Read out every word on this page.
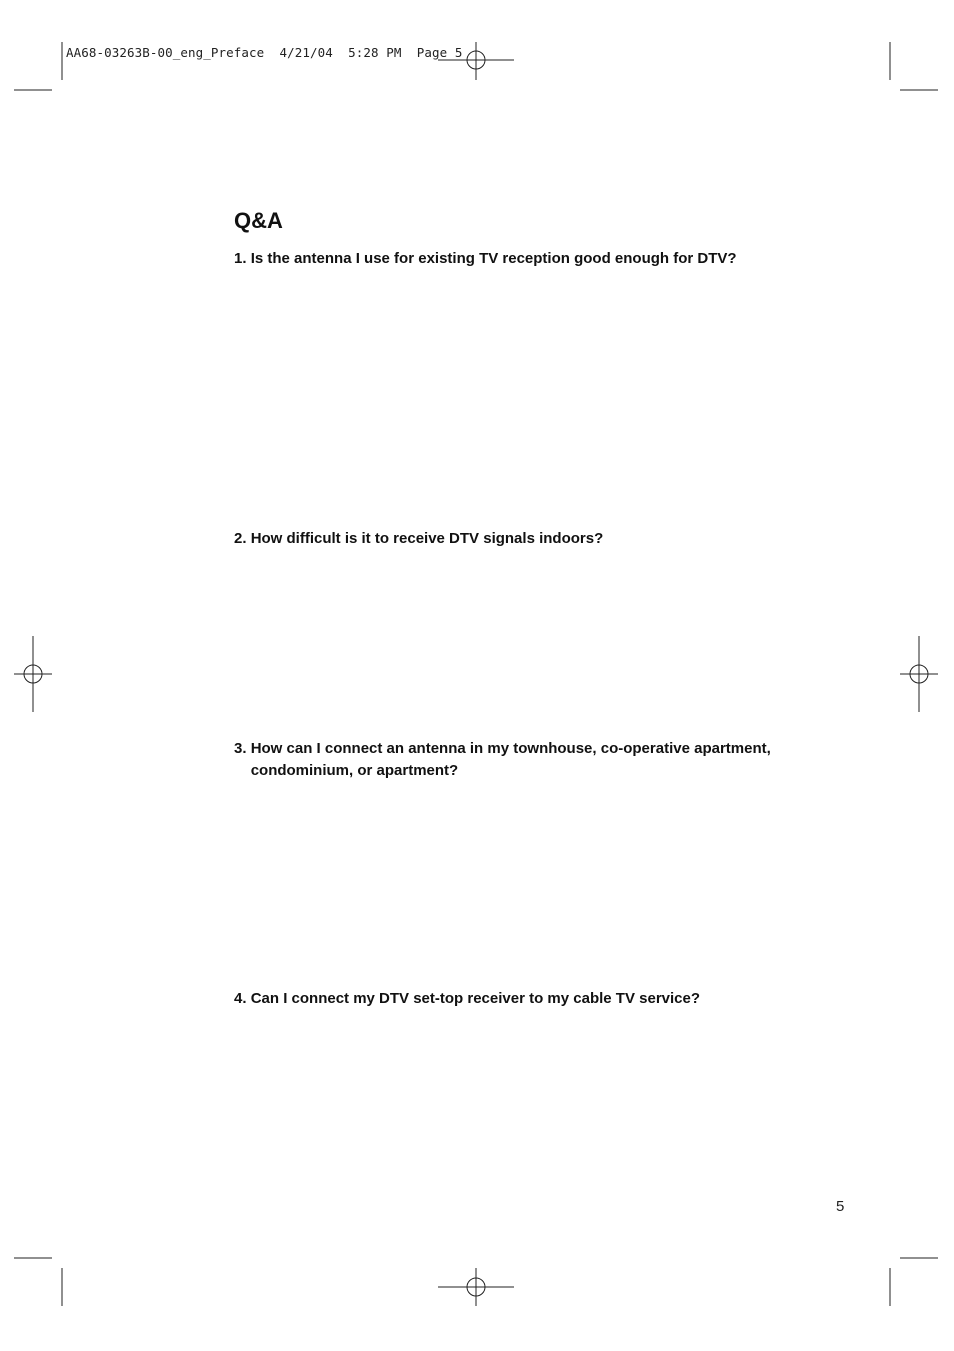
AA68-03263B-00_eng_Preface  4/21/04  5:28 PM  Page 5
Q&A
1. Is the antenna I use for existing TV reception good enough for DTV?
2. How difficult is it to receive DTV signals indoors?
3. How can I connect an antenna in my townhouse, co-operative apartment, condominium, or apartment?
4. Can I connect my DTV set-top receiver to my cable TV service?
5
